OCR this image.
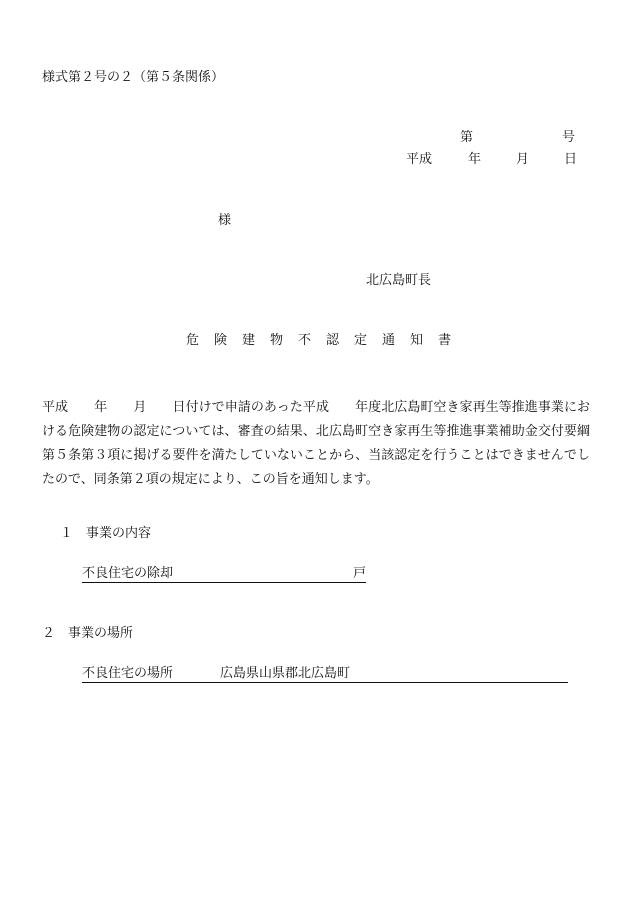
様式第２号の２（第５条関係）
第	号
平成	年	月	日
様
北広島町長
危険建物不認定通知書
平成　　年　　月　　日付けで申請のあった平成　　年度北広島町空き家再生等推進事業における危険建物の認定については、審査の結果、北広島町空き家再生等推進事業補助金交付要綱第５条第３項に掲げる要件を満たしていないことから、当該認定を行うことはできませんでしたので、同条第２項の規定により、この旨を通知します。
１　事業の内容
不良住宅の除却	戸
２　事業の場所
不良住宅の場所	広島県山県郡北広島町
